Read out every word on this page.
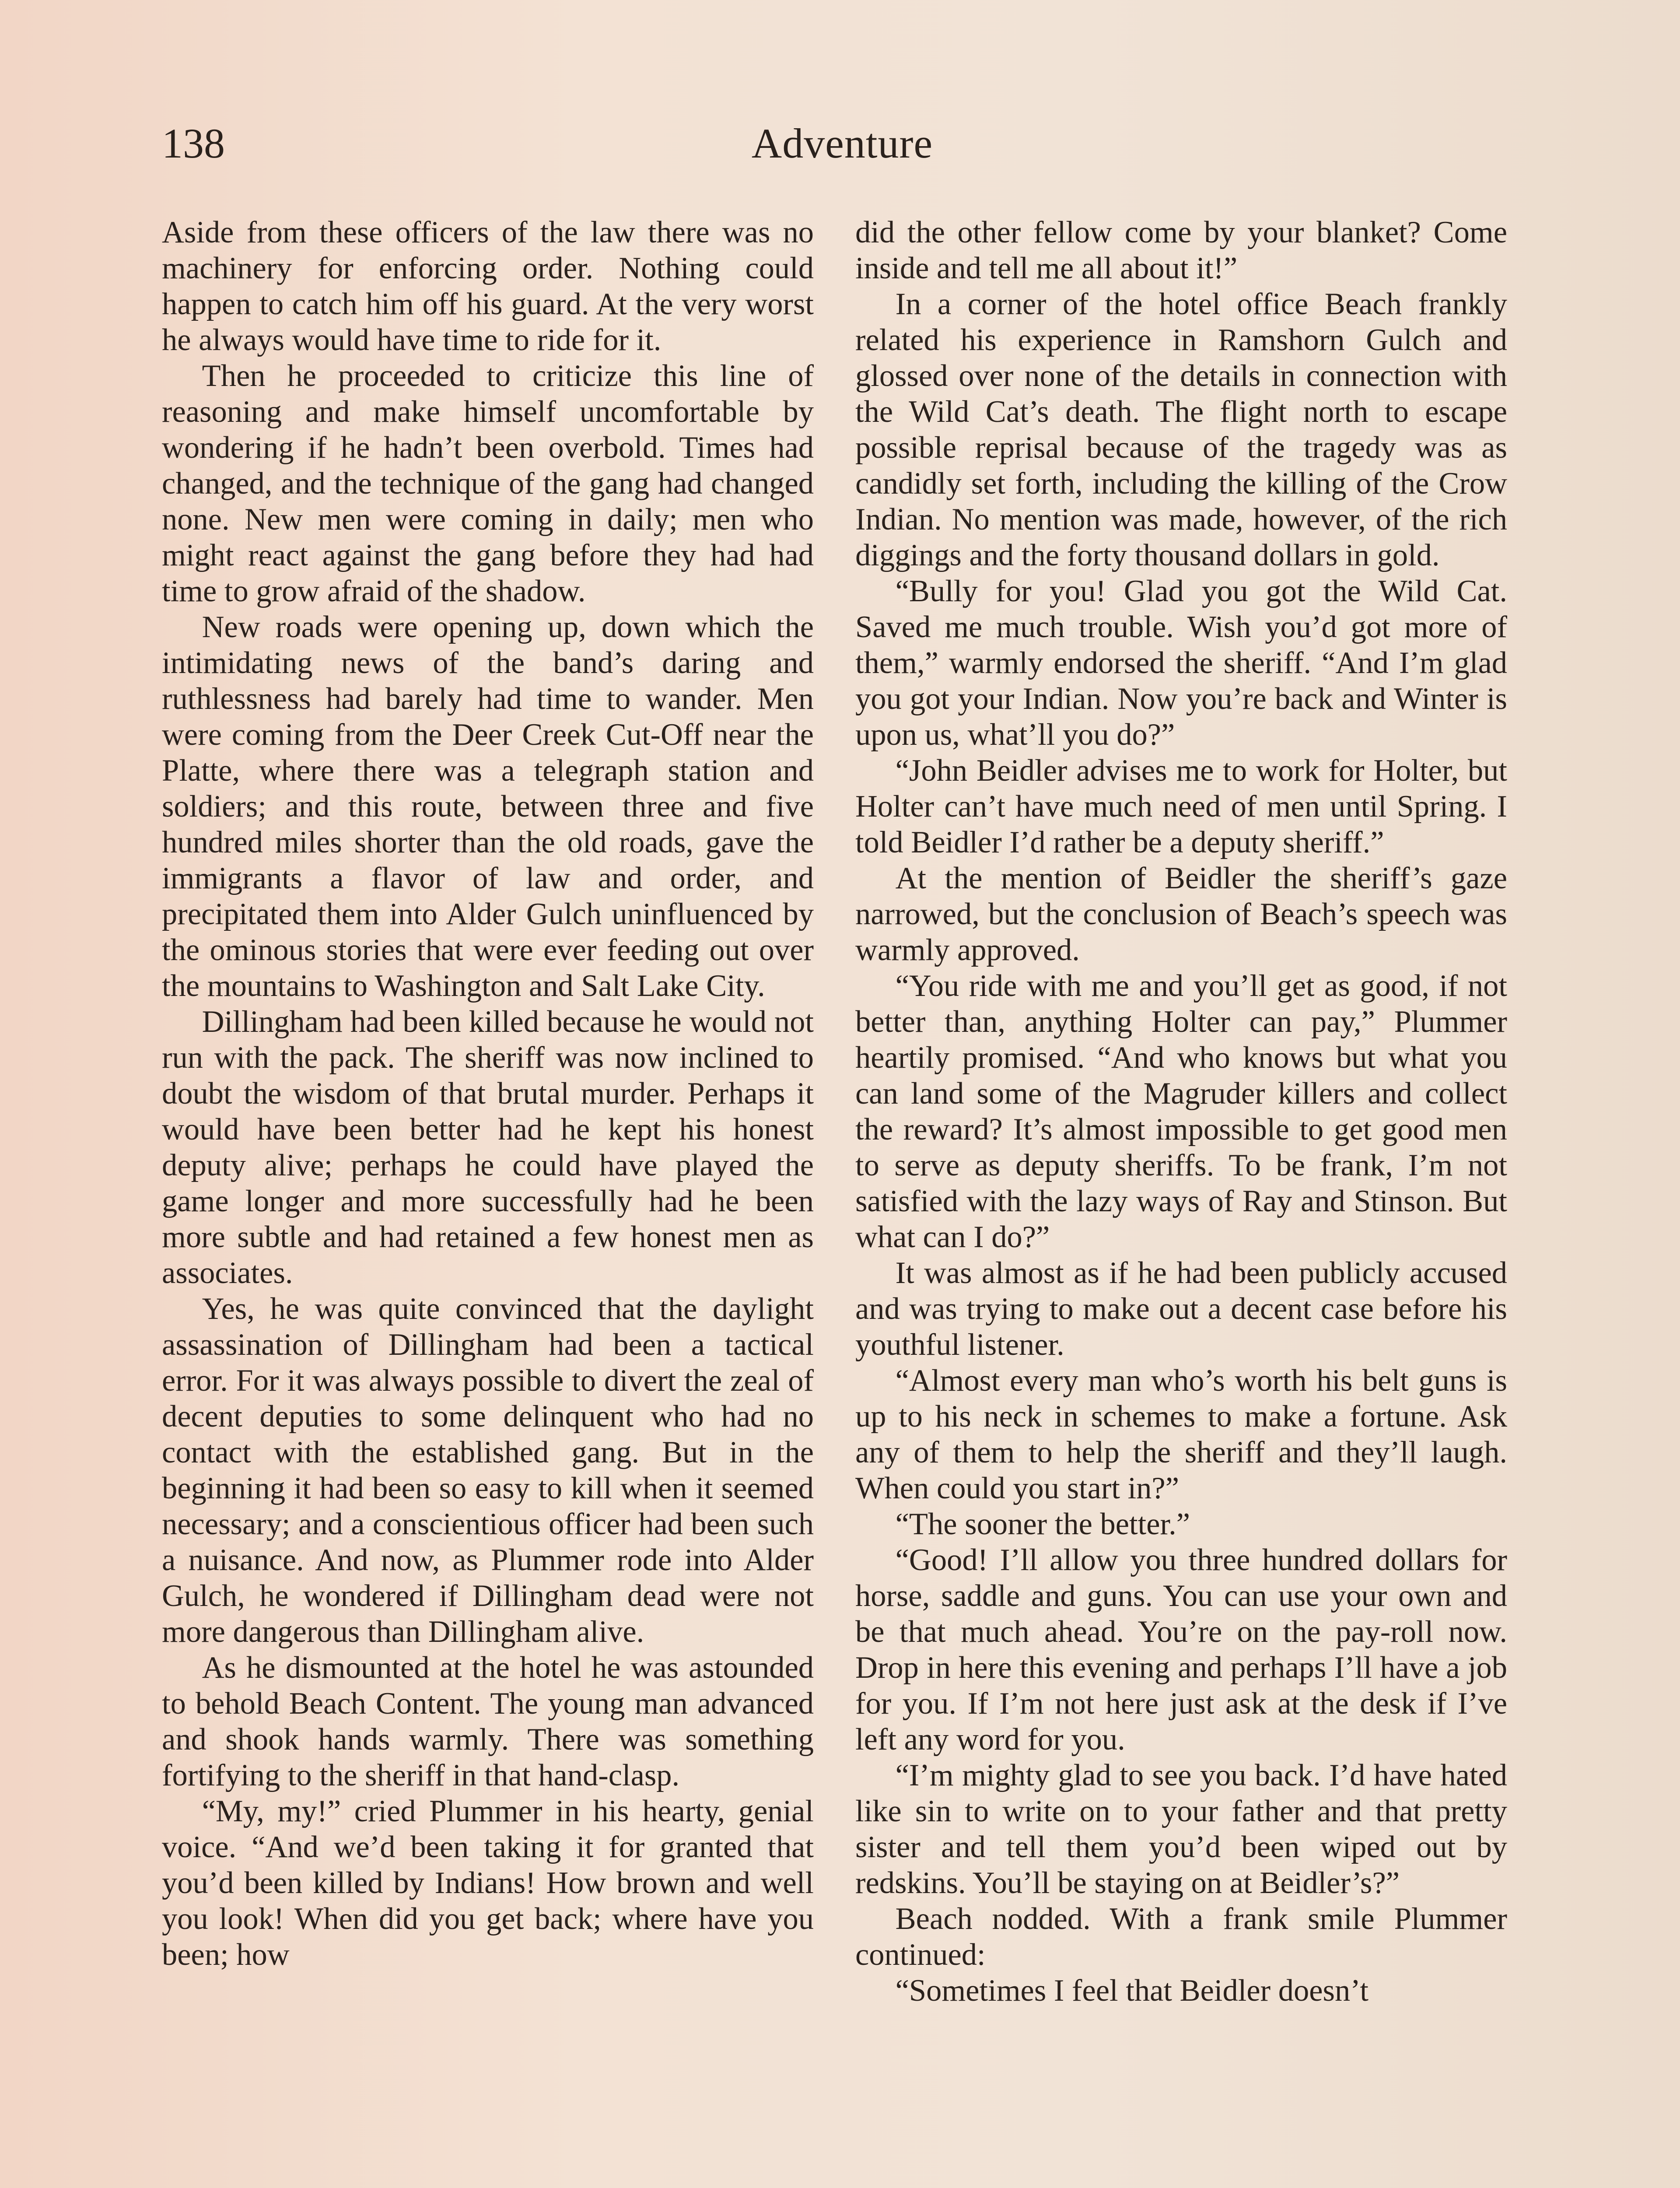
138	Adventure

Aside from these officers of the law there was no machinery for enforcing order. Nothing could happen to catch him off his guard. At the very worst he always would have time to ride for it.

Then he proceeded to criticize this line of reasoning and make himself uncomfortable by wondering if he hadn’t been overbold. Times had changed, and the technique of the gang had changed none. New men were coming in daily; men who might react against the gang before they had had time to grow afraid of the shadow.

New roads were opening up, down which the intimidating news of the band’s daring and ruthlessness had barely had time to wander. Men were coming from the Deer Creek Cut-Off near the Platte, where there was a telegraph station and soldiers; and this route, between three and five hundred miles shorter than the old roads, gave the immigrants a flavor of law and order, and precipitated them into Alder Gulch uninfluenced by the ominous stories that were ever feeding out over the mountains to Washington and Salt Lake City.

Dillingham had been killed because he would not run with the pack. The sheriff was now inclined to doubt the wisdom of that brutal murder. Perhaps it would have been better had he kept his honest deputy alive; perhaps he could have played the game longer and more successfully had he been more subtle and had retained a few honest men as associates.

Yes, he was quite convinced that the daylight assassination of Dillingham had been a tactical error. For it was always possible to divert the zeal of decent deputies to some delinquent who had no contact with the established gang. But in the beginning it had been so easy to kill when it seemed necessary; and a conscientious officer had been such a nuisance. And now, as Plummer rode into Alder Gulch, he wondered if Dillingham dead were not more dangerous than Dillingham alive.

As he dismounted at the hotel he was astounded to behold Beach Content. The young man advanced and shook hands warmly. There was something fortifying to the sheriff in that hand-clasp.

“My, my!” cried Plummer in his hearty, genial voice. “And we’d been taking it for granted that you’d been killed by Indians! How brown and well you look! When did you get back; where have you been; how

did the other fellow come by your blanket? Come inside and tell me all about it!”

In a corner of the hotel office Beach frankly related his experience in Ramshorn Gulch and glossed over none of the details in connection with the Wild Cat’s death. The flight north to escape possible reprisal because of the tragedy was as candidly set forth, including the killing of the Crow Indian. No mention was made, however, of the rich diggings and the forty thousand dollars in gold.

“Bully for you! Glad you got the Wild Cat. Saved me much trouble. Wish you’d got more of them,” warmly endorsed the sheriff. “And I’m glad you got your Indian. Now you’re back and Winter is upon us, what’ll you do?”

“John Beidler advises me to work for Holter, but Holter can’t have much need of men until Spring. I told Beidler I’d rather be a deputy sheriff.”

At the mention of Beidler the sheriff’s gaze narrowed, but the conclusion of Beach’s speech was warmly approved.

“You ride with me and you’ll get as good, if not better than, anything Holter can pay,” Plummer heartily promised. “And who knows but what you can land some of the Magruder killers and collect the reward? It’s almost impossible to get good men to serve as deputy sheriffs. To be frank, I’m not satisfied with the lazy ways of Ray and Stinson. But what can I do?”

It was almost as if he had been publicly accused and was trying to make out a decent case before his youthful listener.

“Almost every man who’s worth his belt guns is up to his neck in schemes to make a fortune. Ask any of them to help the sheriff and they’ll laugh. When could you start in?”

“The sooner the better.”

“Good! I’ll allow you three hundred dollars for horse, saddle and guns. You can use your own and be that much ahead. You’re on the pay-roll now. Drop in here this evening and perhaps I’ll have a job for you. If I’m not here just ask at the desk if I’ve left any word for you.

“I’m mighty glad to see you back. I’d have hated like sin to write on to your father and that pretty sister and tell them you’d been wiped out by redskins. You’ll be staying on at Beidler’s?”

Beach nodded. With a frank smile Plummer continued:

“Sometimes I feel that Beidler doesn’t
